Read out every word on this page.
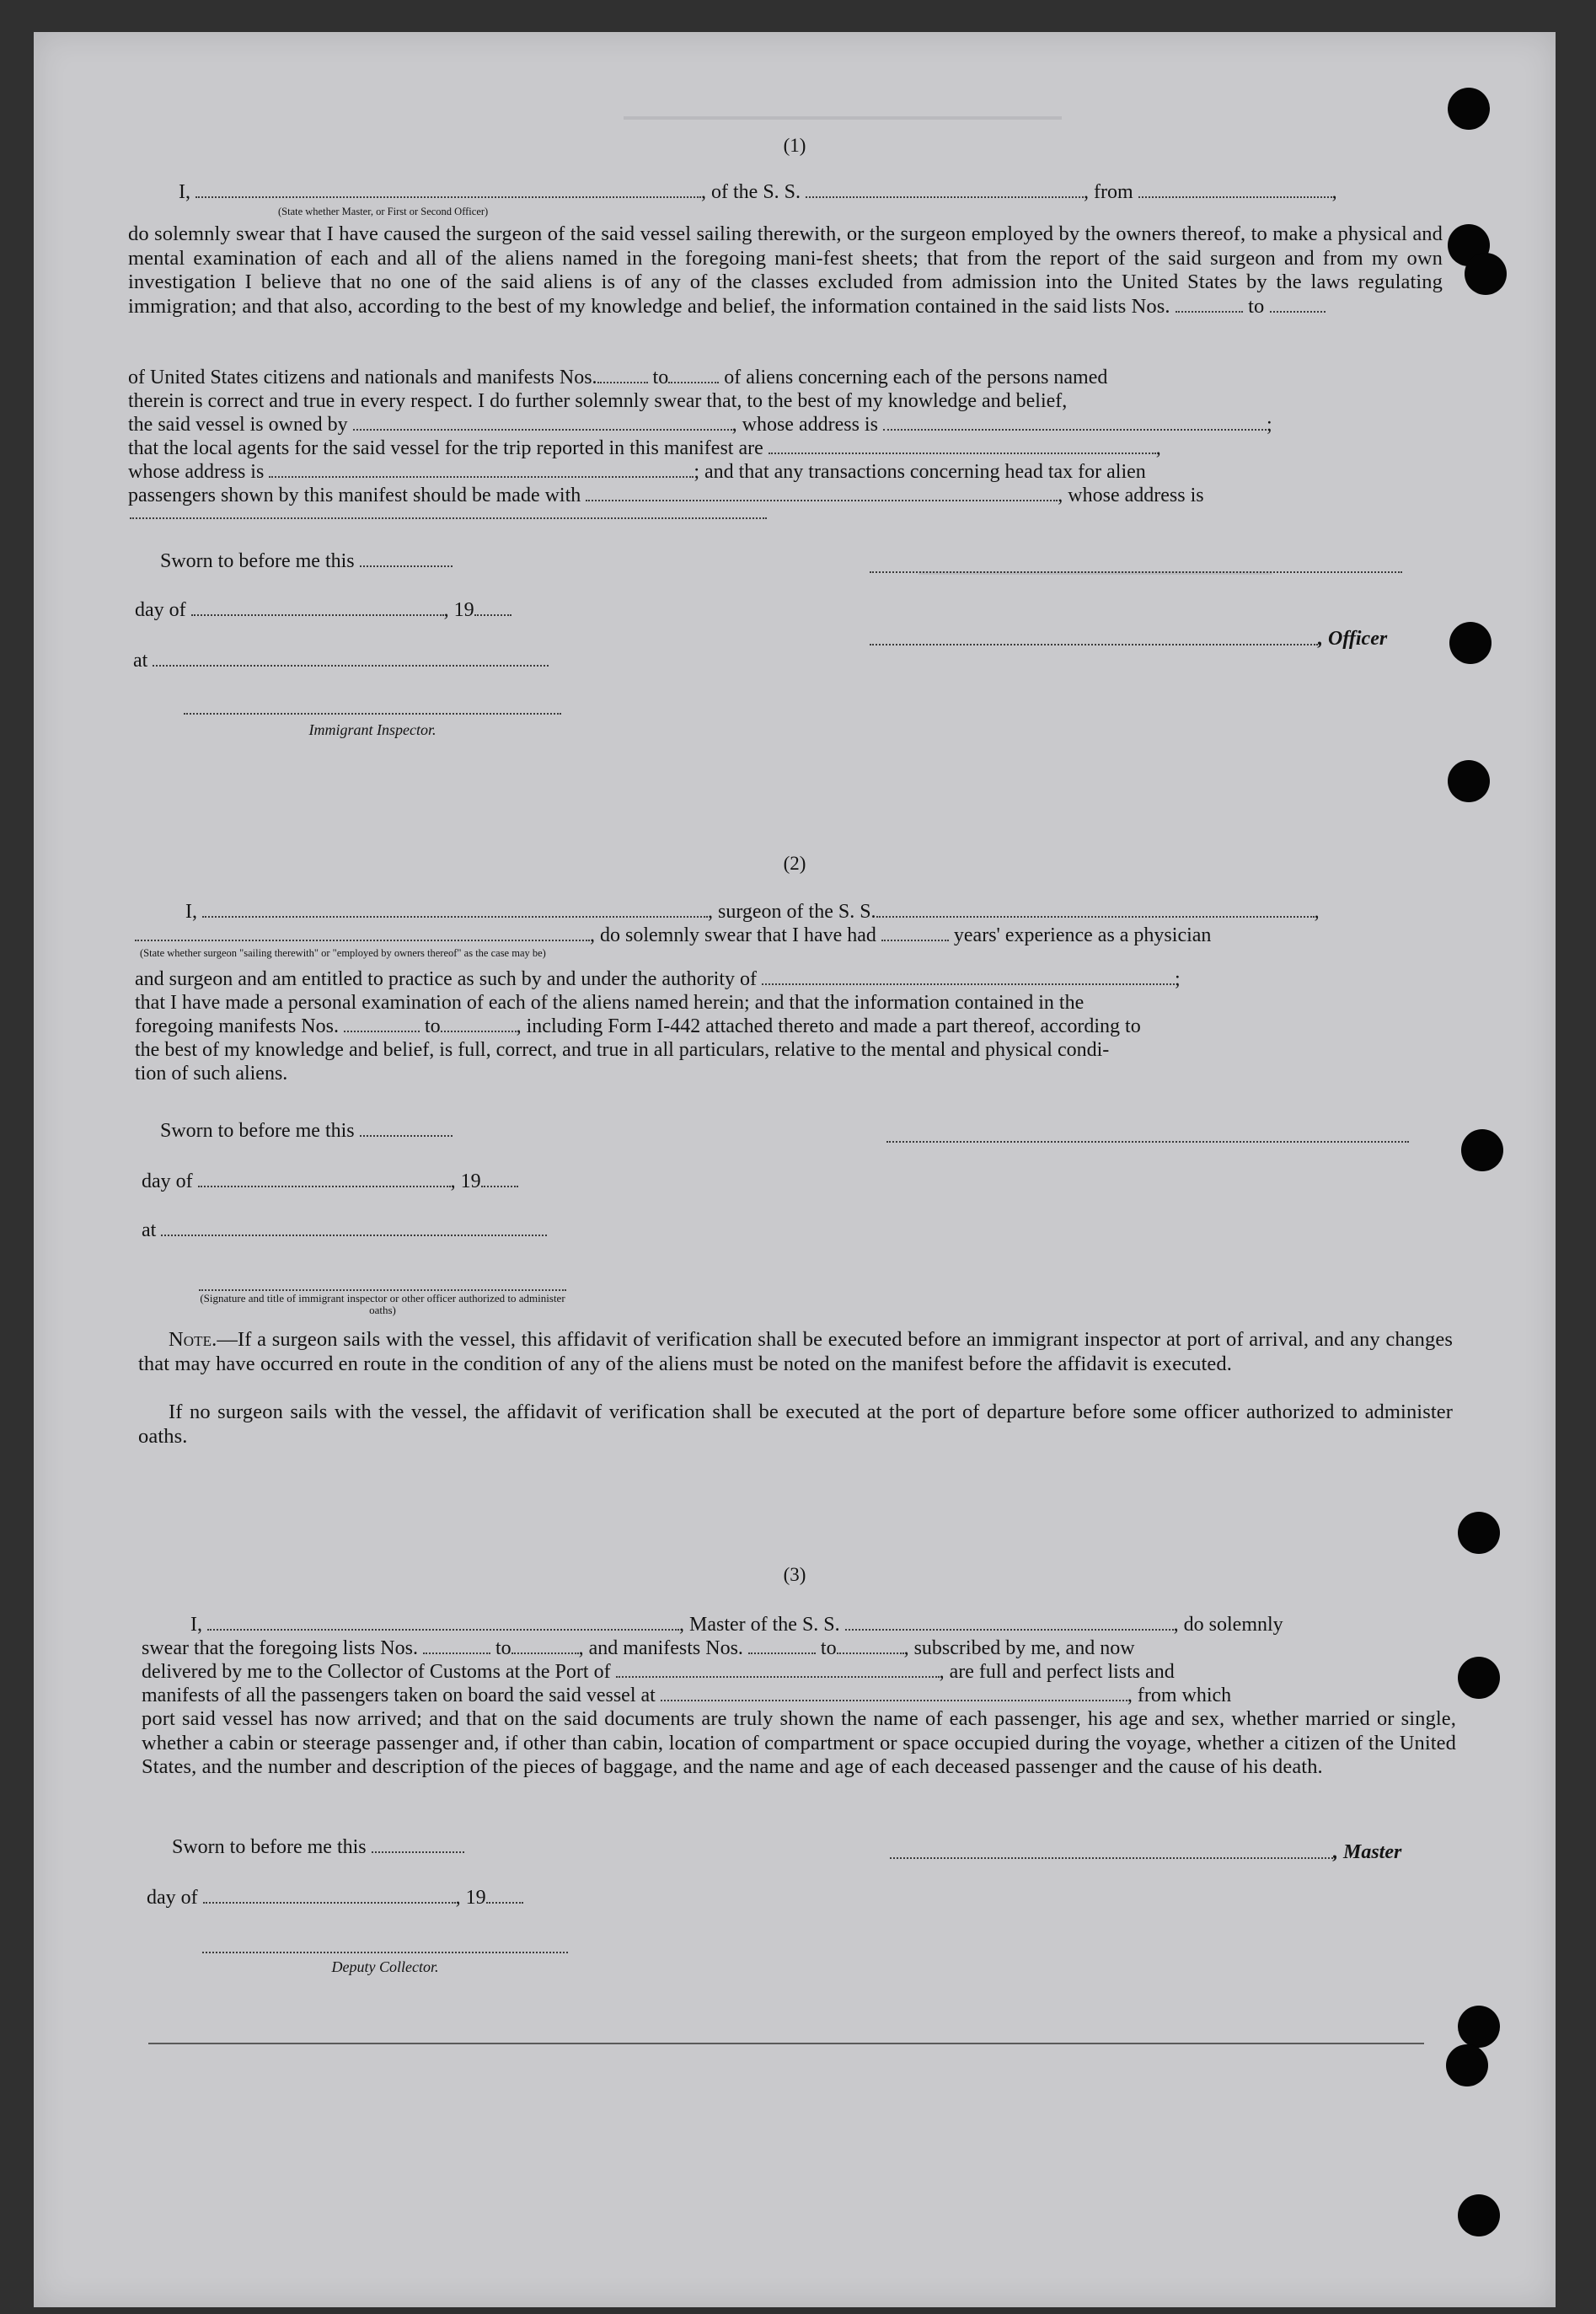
(1)
I,	, of the S. S.	, from	,
(State whether Master, or First or Second Officer)
do solemnly swear that I have caused the surgeon of the said vessel sailing therewith, or the surgeon employed by the owners thereof, to make a physical and mental examination of each and all of the aliens named in the foregoing mani-fest sheets; that from the report of the said surgeon and from my own investigation I believe that no one of the said aliens is of any of the classes excluded from admission into the United States by the laws regulating immigration; and that also, according to the best of my knowledge and belief, the information contained in the said lists Nos.	to
of United States citizens and nationals and manifests Nos.	to	of aliens concerning each of the persons named
therein is correct and true in every respect. I do further solemnly swear that, to the best of my knowledge and belief,
the said vessel is owned by	, whose address is	;
that the local agents for the said vessel for the trip reported in this manifest are	,
whose address is	; and that any transactions concerning head tax for alien
passengers shown by this manifest should be made with	, whose address is
Sworn to before me this
day of	, 19
, Officer
at
Immigrant Inspector.
(2)
I,	, surgeon of the S. S.	,
, do solemnly swear that I have had	years' experience as a physician
(State whether surgeon "sailing therewith" or "employed by owners thereof" as the case may be)
and surgeon and am entitled to practice as such by and under the authority of	;
that I have made a personal examination of each of the aliens named herein; and that the information contained in the
foregoing manifests Nos.	to	, including Form I-442 attached thereto and made a part thereof, according to
the best of my knowledge and belief, is full, correct, and true in all particulars, relative to the mental and physical condi-
tion of such aliens.
Sworn to before me this
day of	, 19
at
(Signature and title of immigrant inspector or other officer authorized to administer oaths)
Note.—If a surgeon sails with the vessel, this affidavit of verification shall be executed before an immigrant inspector at port of arrival, and any changes that may have occurred en route in the condition of any of the aliens must be noted on the manifest before the affidavit is executed.
If no surgeon sails with the vessel, the affidavit of verification shall be executed at the port of departure before some officer authorized to administer oaths.
(3)
I,	, Master of the S. S.	, do solemnly
swear that the foregoing lists Nos.	to	, and manifests Nos.	to	, subscribed by me, and now
delivered by me to the Collector of Customs at the Port of	, are full and perfect lists and
manifests of all the passengers taken on board the said vessel at	, from which
port said vessel has now arrived; and that on the said documents are truly shown the name of each passenger, his age and sex, whether married or single, whether a cabin or steerage passenger and, if other than cabin, location of compartment or space occupied during the voyage, whether a citizen of the United States, and the number and description of the pieces of baggage, and the name and age of each deceased passenger and the cause of his death.
Sworn to before me this	, Master
day of	, 19
Deputy Collector.
